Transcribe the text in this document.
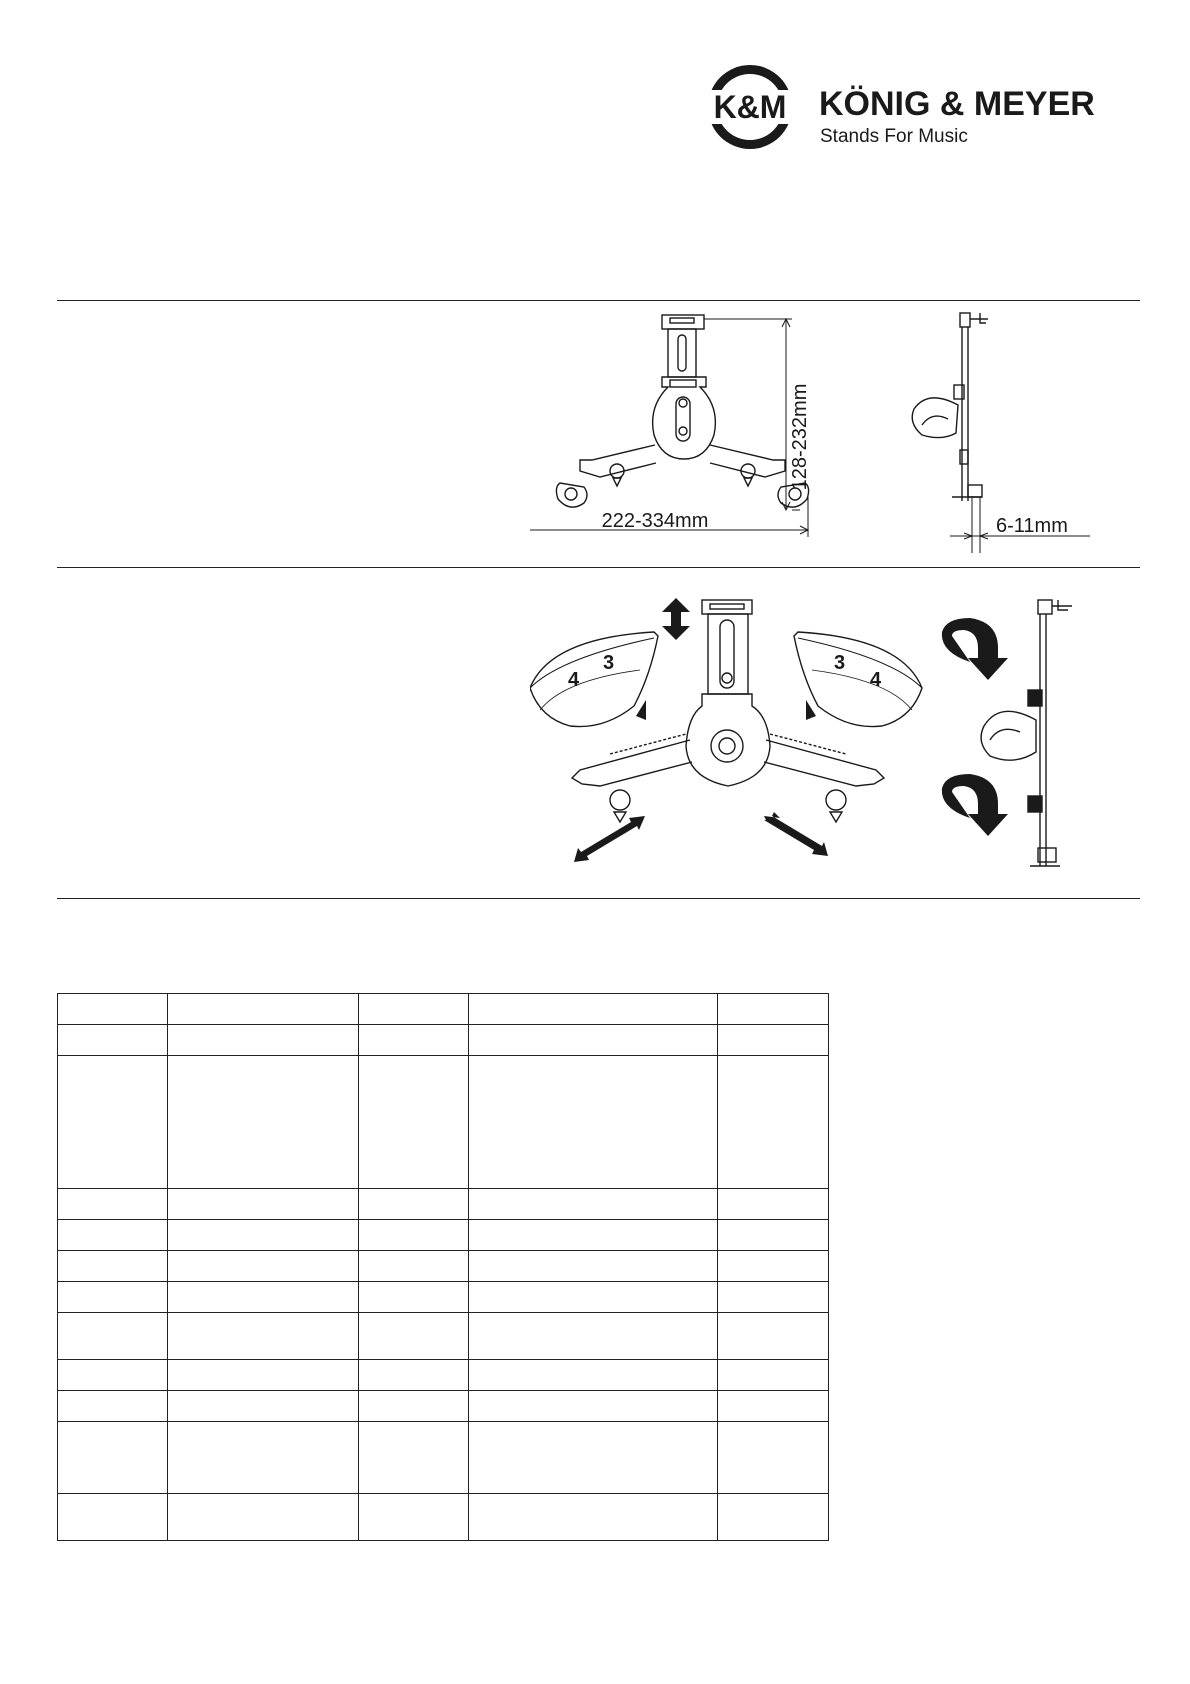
K&M KÖNIG & MEYER
Stands For Music
128-232mm
222-334mm	6-11mm
4
3	3
4
